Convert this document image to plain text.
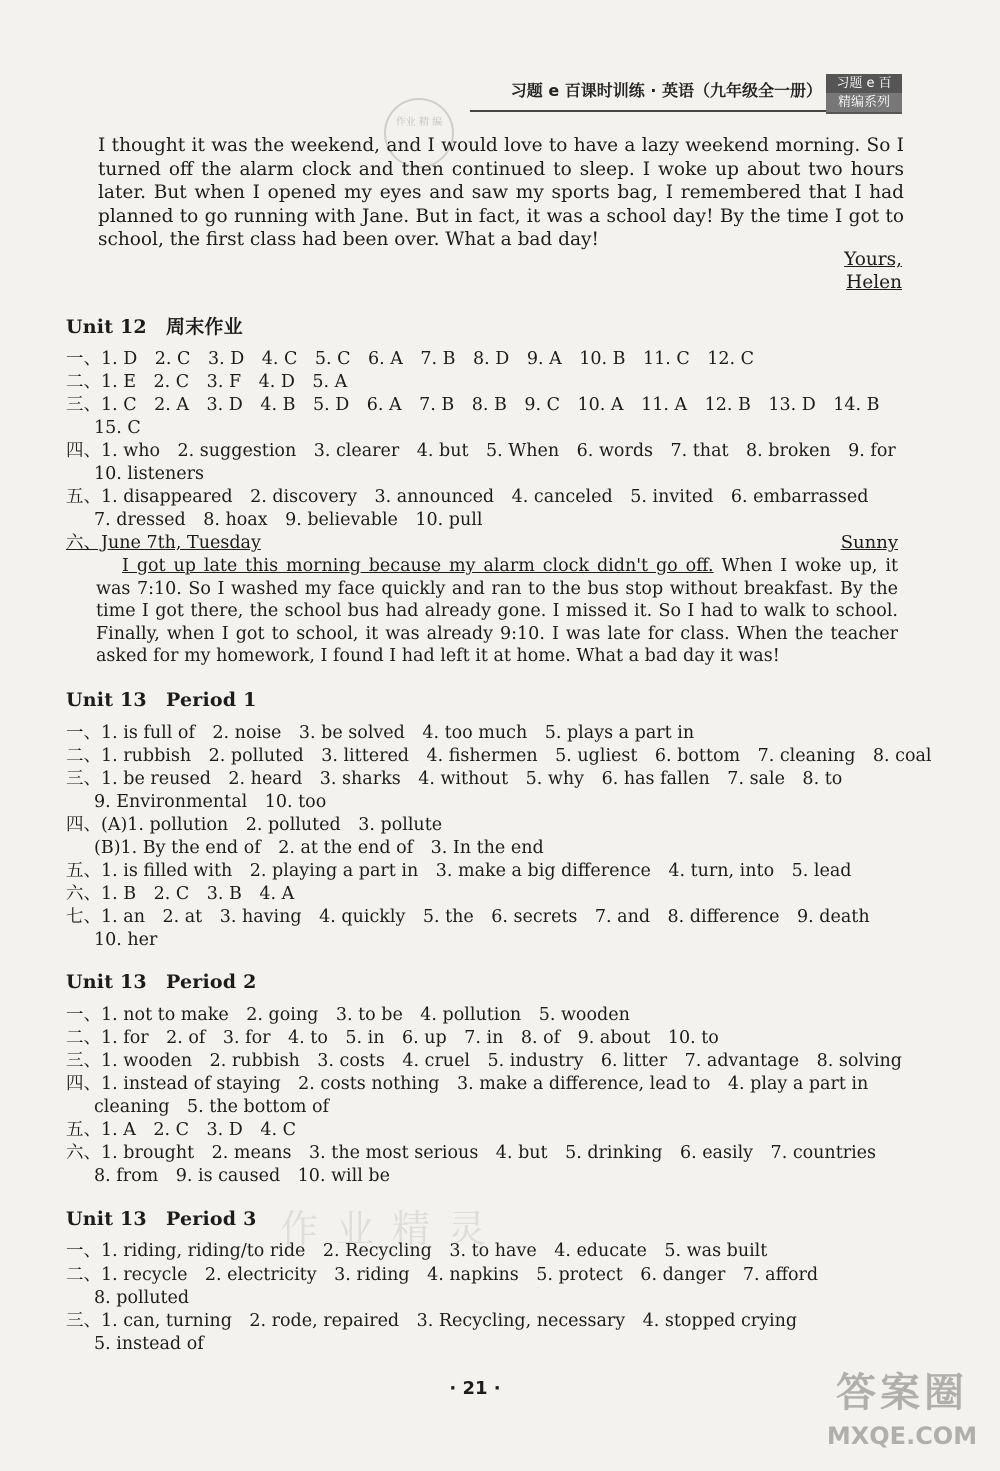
习题 e 百课时训练 · 英语（九年级全一册）	习题 e 百
精编系列
作业 精 编

I thought it was the weekend, and I would love to have a lazy weekend morning. So I turned off the alarm clock and then continued to sleep. I woke up about two hours later. But when I opened my eyes and saw my sports bag, I remembered that I had planned to go running with Jane. But in fact, it was a school day! By the time I got to school, the first class had been over. What a bad day!

Yours,
Helen
Unit 12　周末作业
一、1. D　2. C　3. D　4. C　5. C　6. A　7. B　8. D　9. A　10. B　11. C　12. C
二、1. E　2. C　3. F　4. D　5. A
三、1. C　2. A　3. D　4. B　5. D　6. A　7. B　8. B　9. C　10. A　11. A　12. B　13. D　14. B
15. C
四、1. who　2. suggestion　3. clearer　4. but　5. When　6. words　7. that　8. broken　9. for
10. listeners
五、1. disappeared　2. discovery　3. announced　4. canceled　5. invited　6. embarrassed
7. dressed　8. hoax　9. believable　10. pull
六、June 7th, Tuesday	Sunny

I got up late this morning because my alarm clock didn't go off. When I woke up, it was 7:10. So I washed my face quickly and ran to the bus stop without breakfast. By the time I got there, the school bus had already gone. I missed it. So I had to walk to school. Finally, when I got to school, it was already 9:10. I was late for class. When the teacher asked for my homework, I found I had left it at home. What a bad day it was!

Unit 13　Period 1
一、1. is full of　2. noise　3. be solved　4. too much　5. plays a part in
二、1. rubbish　2. polluted　3. littered　4. fishermen　5. ugliest　6. bottom　7. cleaning　8. coal
三、1. be reused　2. heard　3. sharks　4. without　5. why　6. has fallen　7. sale　8. to
9. Environmental　10. too
四、(A)1. pollution　2. polluted　3. pollute
(B)1. By the end of　2. at the end of　3. In the end
五、1. is filled with　2. playing a part in　3. make a big difference　4. turn, into　5. lead
六、1. B　2. C　3. B　4. A
七、1. an　2. at　3. having　4. quickly　5. the　6. secrets　7. and　8. difference　9. death
10. her
Unit 13　Period 2
一、1. not to make　2. going　3. to be　4. pollution　5. wooden
二、1. for　2. of　3. for　4. to　5. in　6. up　7. in　8. of　9. about　10. to
三、1. wooden　2. rubbish　3. costs　4. cruel　5. industry　6. litter　7. advantage　8. solving
四、1. instead of staying　2. costs nothing　3. make a difference, lead to　4. play a part in
cleaning　5. the bottom of
五、1. A　2. C　3. D　4. C
六、1. brought　2. means　3. the most serious　4. but　5. drinking　6. easily　7. countries
8. from　9. is caused　10. will be
作业精灵
Unit 13　Period 3
一、1. riding, riding/to ride　2. Recycling　3. to have　4. educate　5. was built
二、1. recycle　2. electricity　3. riding　4. napkins　5. protect　6. danger　7. afford
8. polluted
三、1. can, turning　2. rode, repaired　3. Recycling, necessary　4. stopped crying
5. instead of
· 21 ·	答案圈
MXQE.COM
